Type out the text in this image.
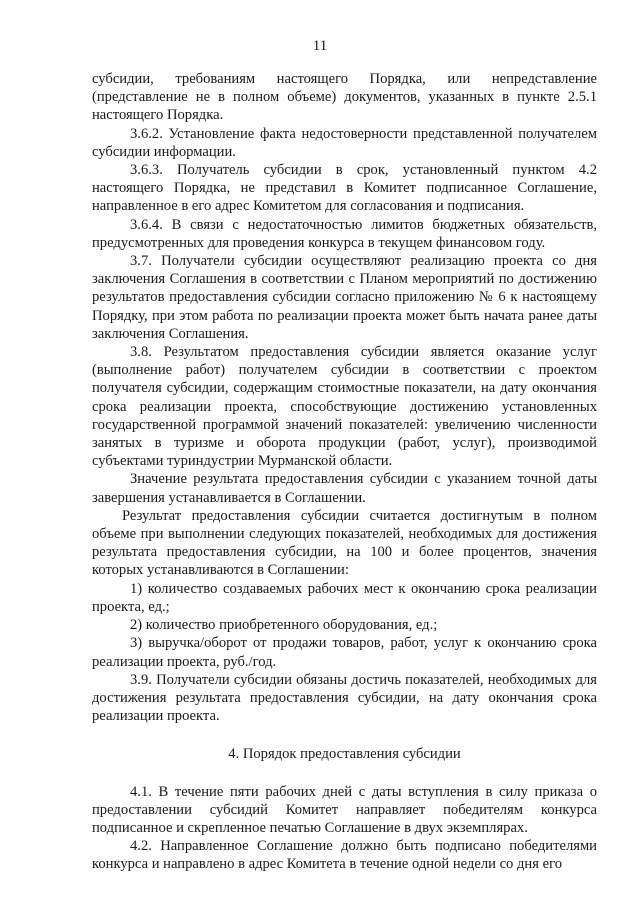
11

субсидии, требованиям настоящего Порядка, или непредставление (представление не в полном объеме) документов, указанных в пункте 2.5.1 настоящего Порядка.

3.6.2. Установление факта недостоверности представленной получателем субсидии информации.

3.6.3. Получатель субсидии в срок, установленный пунктом 4.2 настоящего Порядка, не представил в Комитет подписанное Соглашение, направленное в его адрес Комитетом для согласования и подписания.

3.6.4. В связи с недостаточностью лимитов бюджетных обязательств, предусмотренных для проведения конкурса в текущем финансовом году.

3.7. Получатели субсидии осуществляют реализацию проекта со дня заключения Соглашения в соответствии с Планом мероприятий по достижению результатов предоставления субсидии согласно приложению № 6 к настоящему Порядку, при этом работа по реализации проекта может быть начата ранее даты заключения Соглашения.

3.8. Результатом предоставления субсидии является оказание услуг (выполнение работ) получателем субсидии в соответствии с проектом получателя субсидии, содержащим стоимостные показатели, на дату окончания срока реализации проекта, способствующие достижению установленных государственной программой значений показателей: увеличению численности занятых в туризме и оборота продукции (работ, услуг), производимой субъектами туриндустрии Мурманской области.

Значение результата предоставления субсидии с указанием точной даты завершения устанавливается в Соглашении.

Результат предоставления субсидии считается достигнутым в полном объеме при выполнении следующих показателей, необходимых для достижения результата предоставления субсидии, на 100 и более процентов, значения которых устанавливаются в Соглашении:

1) количество создаваемых рабочих мест к окончанию срока реализации проекта, ед.;

2) количество приобретенного оборудования, ед.;

3) выручка/оборот от продажи товаров, работ, услуг к окончанию срока реализации проекта, руб./год.

3.9. Получатели субсидии обязаны достичь показателей, необходимых для достижения результата предоставления субсидии, на дату окончания срока реализации проекта.

4. Порядок предоставления субсидии

4.1. В течение пяти рабочих дней с даты вступления в силу приказа о предоставлении субсидий Комитет направляет победителям конкурса подписанное и скрепленное печатью Соглашение в двух экземплярах.

4.2. Направленное Соглашение должно быть подписано победителями конкурса и направлено в адрес Комитета в течение одной недели со дня его
